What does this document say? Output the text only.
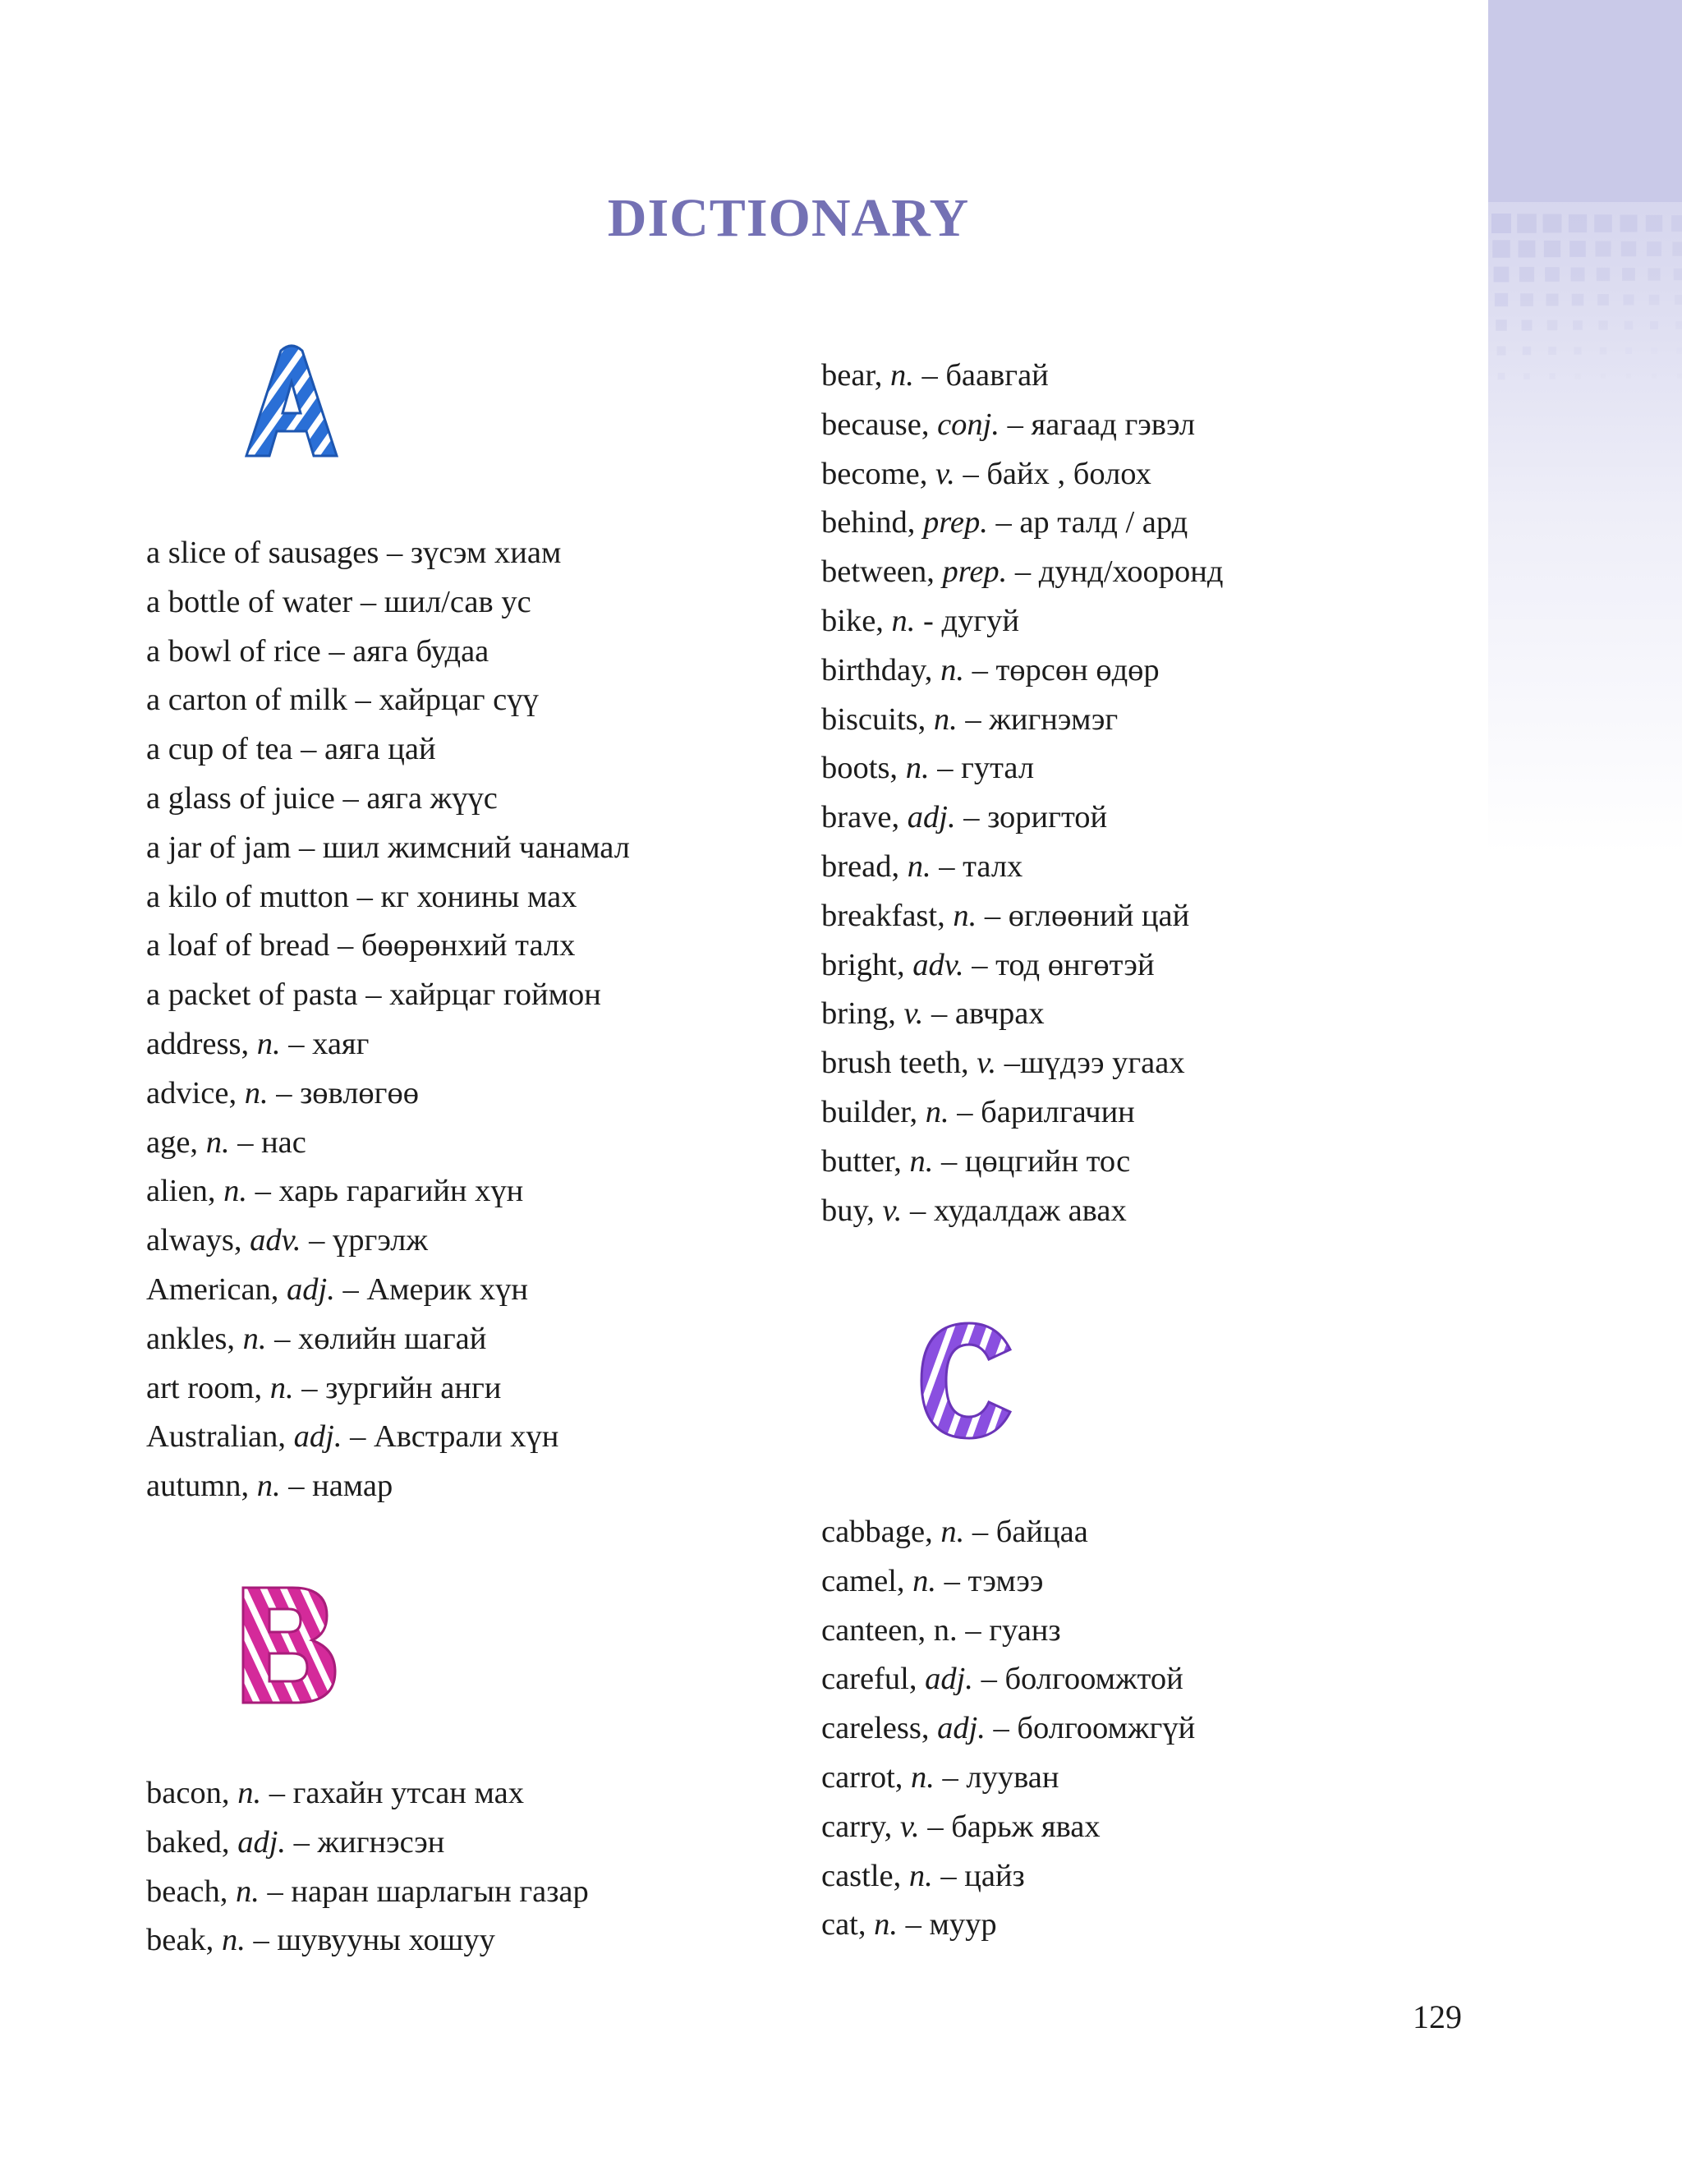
DICTIONARY
a slice of sausages – зүсэм хиам
a bottle of water – шил/сав ус
a bowl of rice – аяга будаа
a carton of milk – хайрцаг сүү
a cup of tea – аяга цай
a glass of juice – аяга жүүс
a jar of jam – шил жимсний чанамал
a kilo of mutton – кг хонины мах
a loaf of bread – бөөрөнхий талх
a packet of pasta – хайрцаг гоймон
address, n. – хаяг
advice, n. – зөвлөгөө
age, n. – нас
alien, n. – харь гарагийн хүн
always, adv. – үргэлж
American, adj. – Америк хүн
ankles, n. – хөлийн шагай
art room, n. – зургийн анги
Australian, adj. – Австрали хүн
autumn, n. – намар
bacon, n. – гахайн утсан мах
baked, adj. – жигнэсэн
beach, n. – наран шарлагын газар
beak, n. – шувууны хошуу
bear, n. – баавгай
because, conj. – яагаад гэвэл
become, v. – байх , болох
behind, prep. – ар талд / ард
between, prep. – дунд/хооронд
bike, n. - дугуй
birthday, n. – төрсөн өдөр
biscuits, n. – жигнэмэг
boots, n. – гутал
brave, adj. – зоригтой
bread, n. – талх
breakfast, n. – өглөөний цай
bright, adv. – тод өнгөтэй
bring, v. – авчрах
brush teeth, v. –шүдээ угаах
builder, n. – барилгачин
butter, n. – цөцгийн тос
buy, v. – худалдаж авах
cabbage, n. – байцаа
camel, n. – тэмээ
canteen, n. – гуанз
careful, adj. – болгоомжтой
careless, adj. – болгоомжгүй
carrot, n. – лууван
carry, v. – барьж явах
castle, n. – цайз
cat, n. – муур
129
